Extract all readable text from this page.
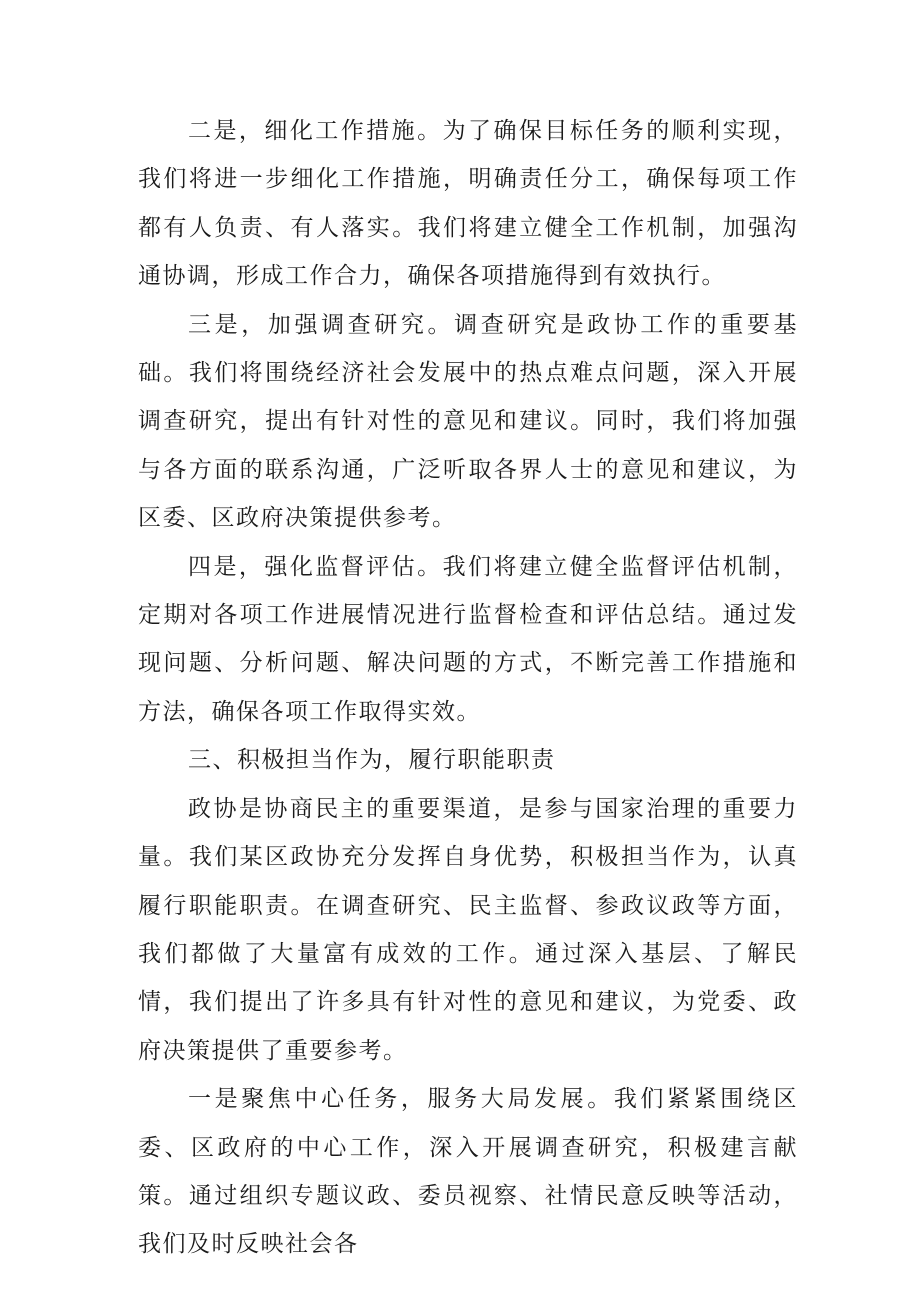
二是，细化工作措施。为了确保目标任务的顺利实现，我们将进一步细化工作措施，明确责任分工，确保每项工作都有人负责、有人落实。我们将建立健全工作机制，加强沟通协调，形成工作合力，确保各项措施得到有效执行。

三是，加强调查研究。调查研究是政协工作的重要基础。我们将围绕经济社会发展中的热点难点问题，深入开展调查研究，提出有针对性的意见和建议。同时，我们将加强与各方面的联系沟通，广泛听取各界人士的意见和建议，为区委、区政府决策提供参考。

四是，强化监督评估。我们将建立健全监督评估机制，定期对各项工作进展情况进行监督检查和评估总结。通过发现问题、分析问题、解决问题的方式，不断完善工作措施和方法，确保各项工作取得实效。

三、积极担当作为，履行职能职责

政协是协商民主的重要渠道，是参与国家治理的重要力量。我们某区政协充分发挥自身优势，积极担当作为，认真履行职能职责。在调查研究、民主监督、参政议政等方面，我们都做了大量富有成效的工作。通过深入基层、了解民情，我们提出了许多具有针对性的意见和建议，为党委、政府决策提供了重要参考。

一是聚焦中心任务，服务大局发展。我们紧紧围绕区委、区政府的中心工作，深入开展调查研究，积极建言献策。通过组织专题议政、委员视察、社情民意反映等活动，我们及时反映社会各
